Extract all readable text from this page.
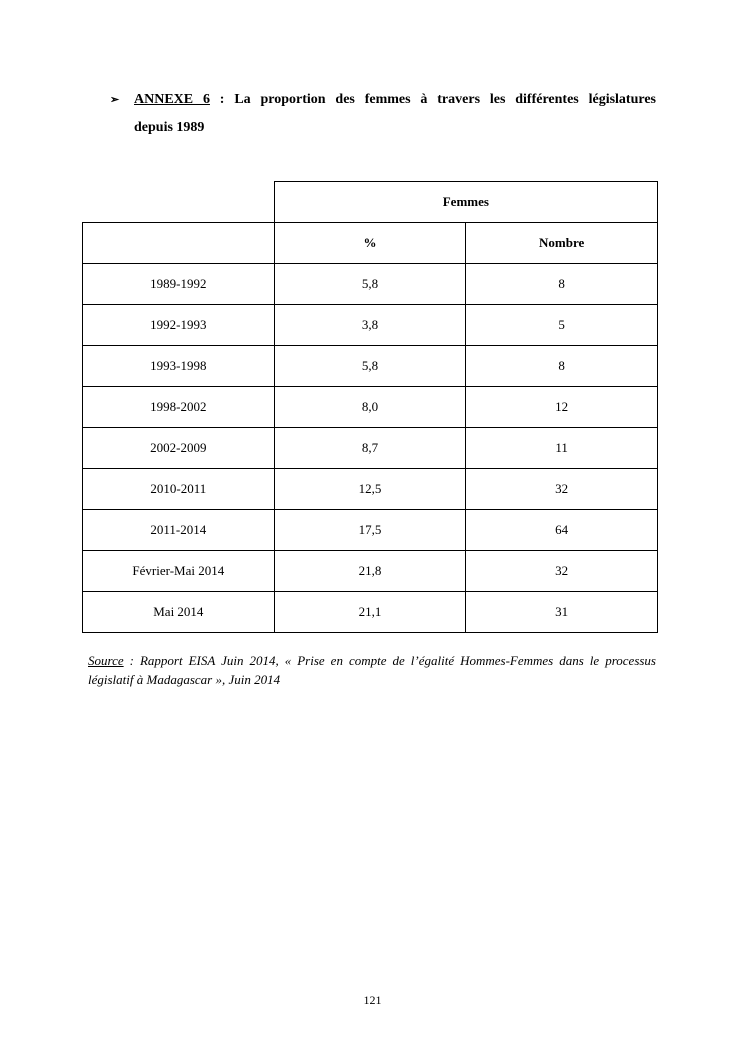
➢	ANNEXE 6 : La proportion des femmes à travers les différentes législatures
depuis 1989
	Femmes	
	%	Nombre
1989-1992	5,8	8
1992-1993	3,8	5
1993-1998	5,8	8
1998-2002	8,0	12
2002-2009	8,7	11
2010-2011	12,5	32
2011-2014	17,5	64
Février-Mai 2014	21,8	32
Mai 2014	21,1	31
Source : Rapport EISA Juin 2014, « Prise en compte de l’égalité Hommes-Femmes dans le processus législatif à Madagascar », Juin 2014
121
